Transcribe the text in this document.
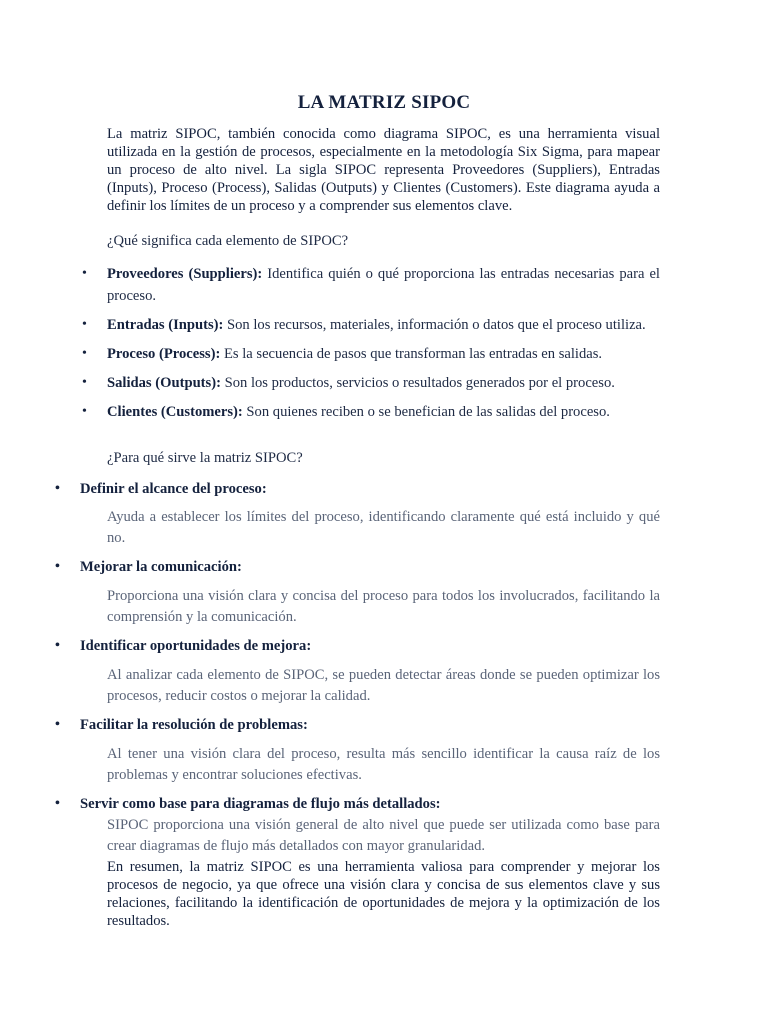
LA MATRIZ SIPOC

La matriz SIPOC, también conocida como diagrama SIPOC, es una herramienta visual utilizada en la gestión de procesos, especialmente en la metodología Six Sigma, para mapear un proceso de alto nivel. La sigla SIPOC representa Proveedores (Suppliers), Entradas (Inputs), Proceso (Process), Salidas (Outputs) y Clientes (Customers). Este diagrama ayuda a definir los límites de un proceso y a comprender sus elementos clave.

¿Qué significa cada elemento de SIPOC?

• Proveedores (Suppliers): Identifica quién o qué proporciona las entradas necesarias para el proceso.
• Entradas (Inputs): Son los recursos, materiales, información o datos que el proceso utiliza.
• Proceso (Process): Es la secuencia de pasos que transforman las entradas en salidas.
• Salidas (Outputs): Son los productos, servicios o resultados generados por el proceso.
• Clientes (Customers): Son quienes reciben o se benefician de las salidas del proceso.

¿Para qué sirve la matriz SIPOC?

• Definir el alcance del proceso:
Ayuda a establecer los límites del proceso, identificando claramente qué está incluido y qué no.
• Mejorar la comunicación:
Proporciona una visión clara y concisa del proceso para todos los involucrados, facilitando la comprensión y la comunicación.
• Identificar oportunidades de mejora:
Al analizar cada elemento de SIPOC, se pueden detectar áreas donde se pueden optimizar los procesos, reducir costos o mejorar la calidad.
• Facilitar la resolución de problemas:
Al tener una visión clara del proceso, resulta más sencillo identificar la causa raíz de los problemas y encontrar soluciones efectivas.
• Servir como base para diagramas de flujo más detallados:
SIPOC proporciona una visión general de alto nivel que puede ser utilizada como base para crear diagramas de flujo más detallados con mayor granularidad.
En resumen, la matriz SIPOC es una herramienta valiosa para comprender y mejorar los procesos de negocio, ya que ofrece una visión clara y concisa de sus elementos clave y sus relaciones, facilitando la identificación de oportunidades de mejora y la optimización de los resultados.
